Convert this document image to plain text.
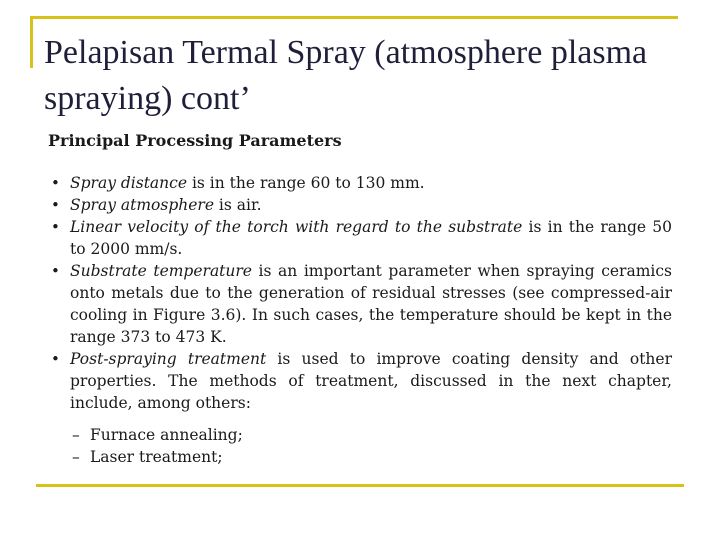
Pelapisan Termal Spray (atmosphere plasma spraying) cont’
Principal Processing Parameters
• Spray distance is in the range 60 to 130 mm.
• Spray atmosphere is air.
• Linear velocity of the torch with regard to the substrate is in the range 50 to 2000 mm/s.
• Substrate temperature is an important parameter when spraying ceramics onto metals due to the generation of residual stresses (see compressed-air cooling in Figure 3.6). In such cases, the temperature should be kept in the range 373 to 473 K.
• Post-spraying treatment is used to improve coating density and other properties. The methods of treatment, discussed in the next chapter, include, among others:
– Furnace annealing;
– Laser treatment;
